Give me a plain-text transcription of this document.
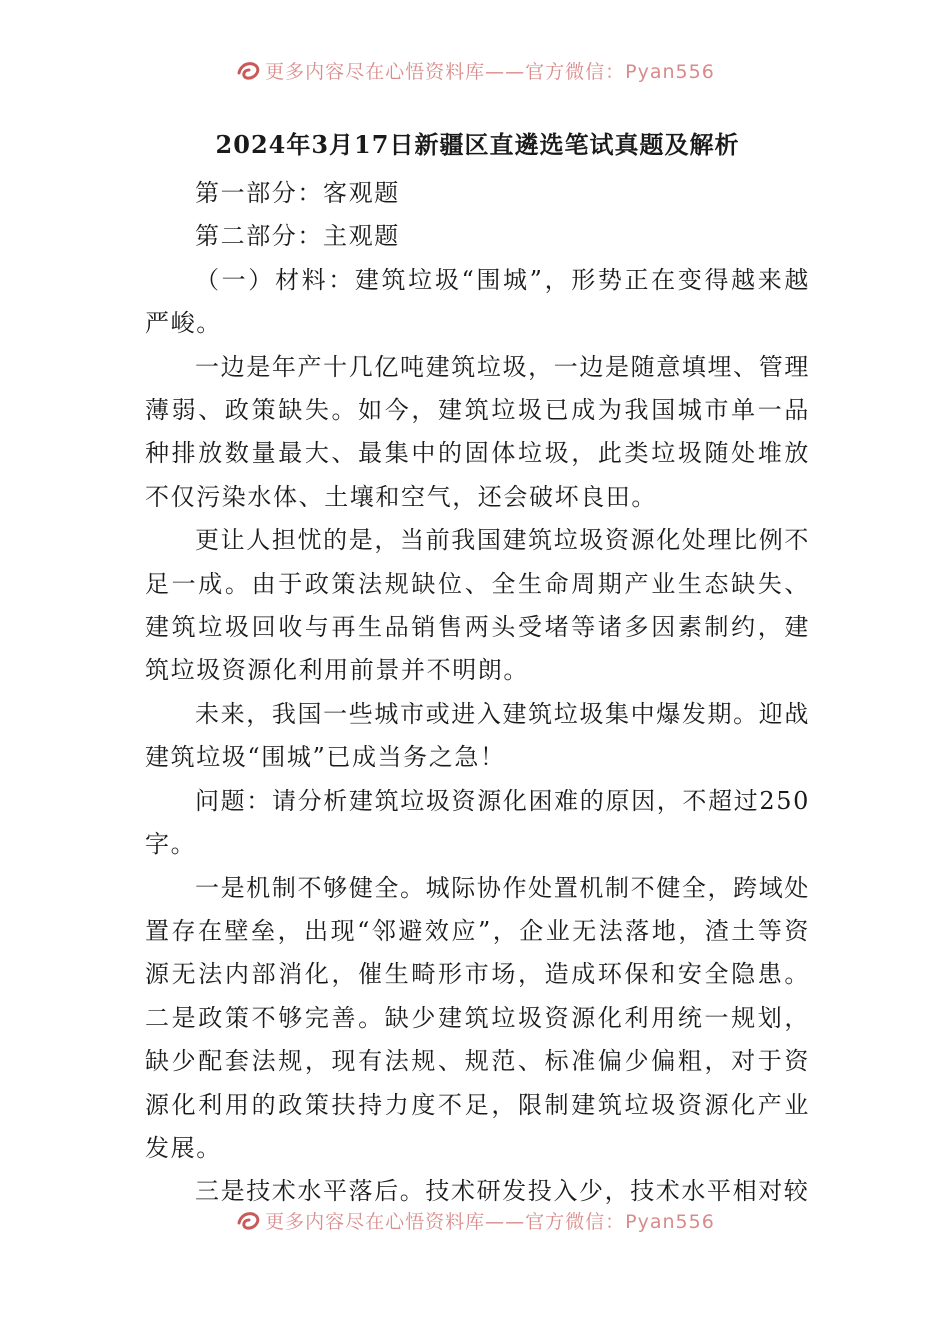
更多内容尽在心悟资料库——官方微信：Pyan556
2024年3月17日新疆区直遴选笔试真题及解析

第一部分：客观题

第二部分：主观题

（一）材料：建筑垃圾“围城”，形势正在变得越来越严峻。

一边是年产十几亿吨建筑垃圾，一边是随意填埋、管理薄弱、政策缺失。如今，建筑垃圾已成为我国城市单一品种排放数量最大、最集中的固体垃圾，此类垃圾随处堆放不仅污染水体、土壤和空气，还会破坏良田。

更让人担忧的是，当前我国建筑垃圾资源化处理比例不足一成。由于政策法规缺位、全生命周期产业生态缺失、建筑垃圾回收与再生品销售两头受堵等诸多因素制约，建筑垃圾资源化利用前景并不明朗。

未来，我国一些城市或进入建筑垃圾集中爆发期。迎战建筑垃圾“围城”已成当务之急！

问题：请分析建筑垃圾资源化困难的原因，不超过250字。

一是机制不够健全。城际协作处置机制不健全，跨域处置存在壁垒，出现“邻避效应”，企业无法落地，渣土等资源无法内部消化，催生畸形市场，造成环保和安全隐患。二是政策不够完善。缺少建筑垃圾资源化利用统一规划，缺少配套法规，现有法规、规范、标准偏少偏粗，对于资源化利用的政策扶持力度不足，限制建筑垃圾资源化产业发展。

三是技术水平落后。技术研发投入少，技术水平相对较

更多内容尽在心悟资料库——官方微信：Pyan556
